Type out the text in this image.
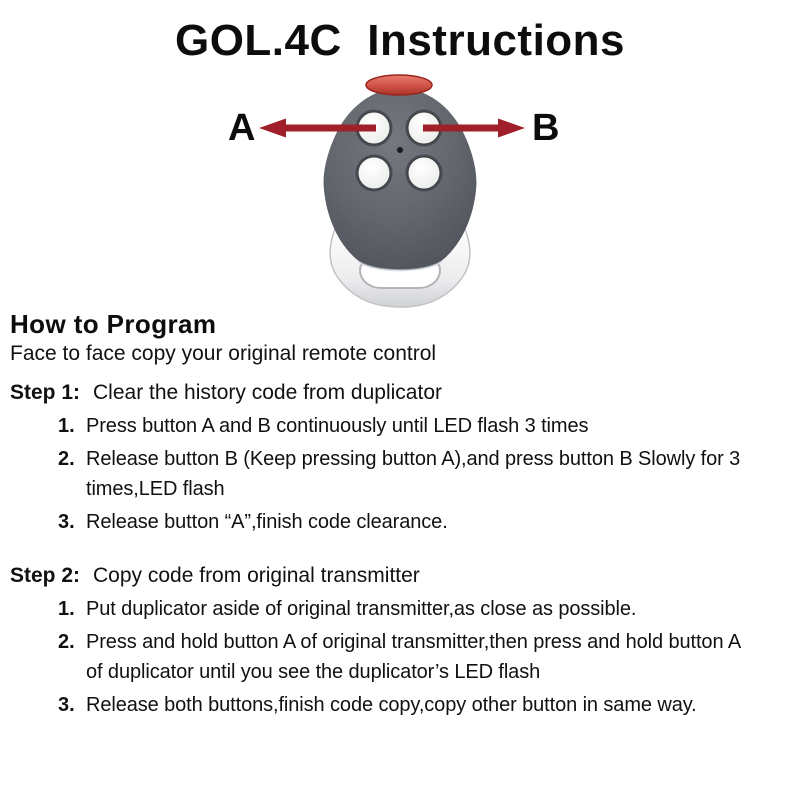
GOL.4C  Instructions
A	B
How to Program

Face to face copy your original remote control

Step 1: Clear the history code from duplicator
1. Press button A and B continuously until LED flash 3 times
2. Release button B (Keep pressing button A),and press button B Slowly for 3 times,LED flash
3. Release button “A”,finish code clearance.
Step 2: Copy code from original transmitter
1. Put duplicator aside of original transmitter,as close as possible.
2. Press and hold button A of original transmitter,then press and hold button A of duplicator until you see the duplicator’s LED flash
3. Release both buttons,finish code copy,copy other button in same way.
